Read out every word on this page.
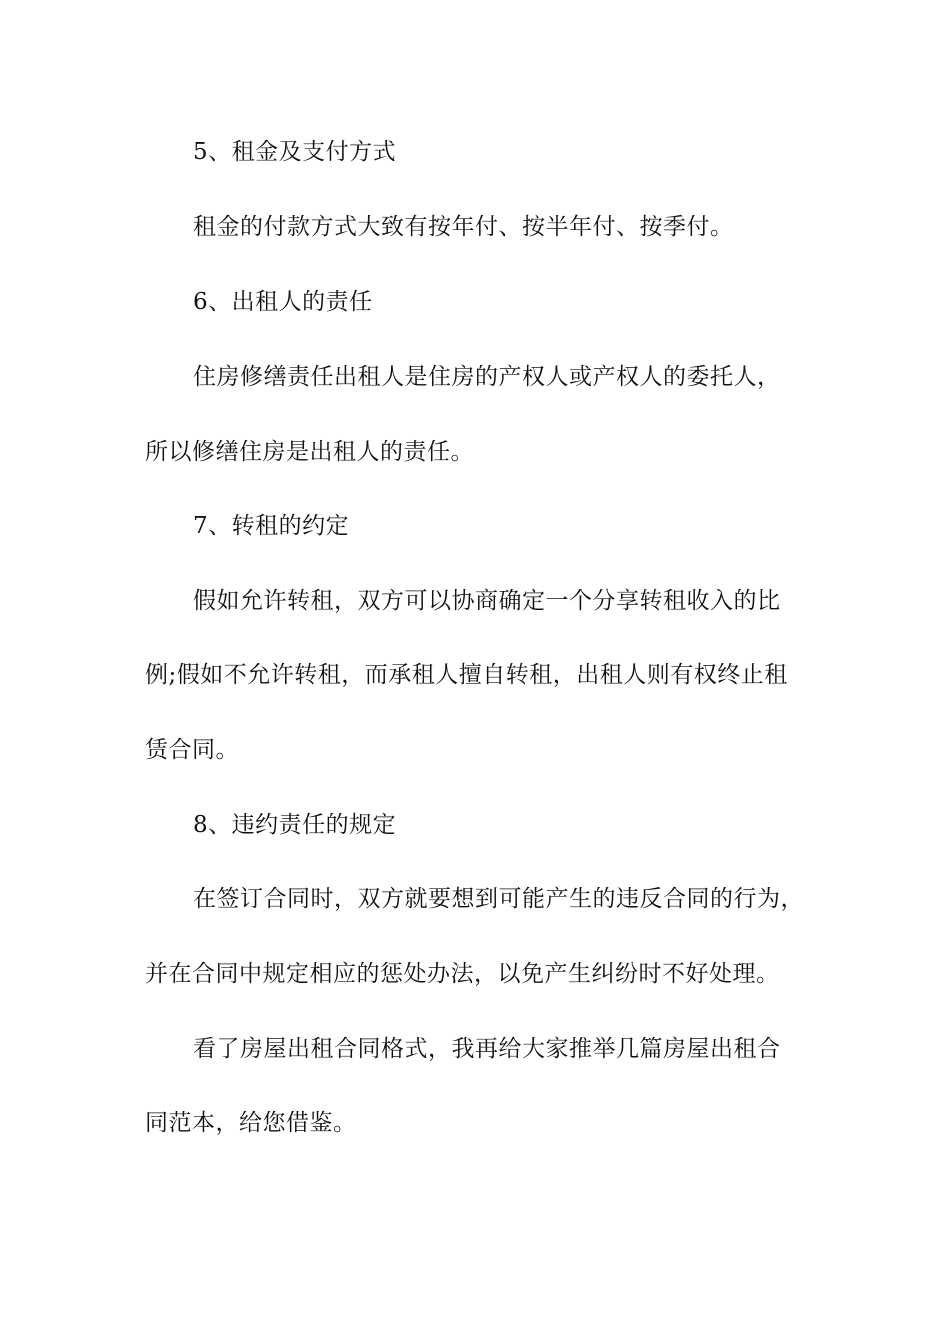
5、租金及支付方式
租金的付款方式大致有按年付、按半年付、按季付。
6、出租人的责任
住房修缮责任出租人是住房的产权人或产权人的委托人，
所以修缮住房是出租人的责任。
7、转租的约定
假如允许转租，双方可以协商确定一个分享转租收入的比
例;假如不允许转租，而承租人擅自转租，出租人则有权终止租
赁合同。
8、违约责任的规定
在签订合同时，双方就要想到可能产生的违反合同的行为，
并在合同中规定相应的惩处办法，以免产生纠纷时不好处理。
看了房屋出租合同格式，我再给大家推举几篇房屋出租合
同范本，给您借鉴。
